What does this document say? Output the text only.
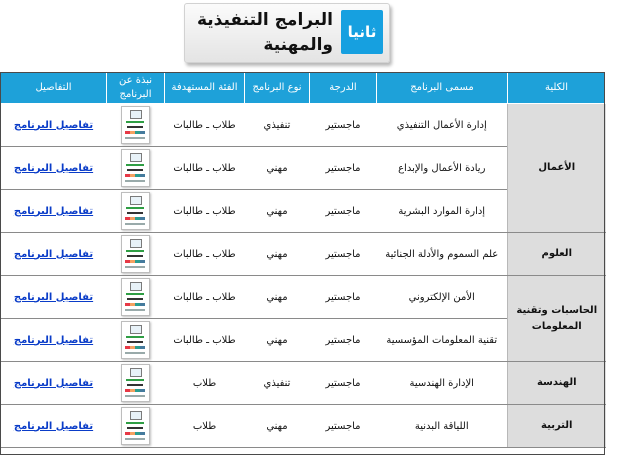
ثانيا
البرامج التنفيذية
والمهنية
الكلية	مسمى البرنامج	الدرجة	نوع البرنامج	الفئة المستهدفة	نبذة عن البرنامج	التفاصيل
الأعمال	إدارة الأعمال التنفيذي	ماجستير	تنفيذي	طلاب ـ طالبات		تفاصيل البرنامج
	ريادة الأعمال والإبداع	ماجستير	مهني	طلاب ـ طالبات		تفاصيل البرنامج
	إدارة الموارد البشرية	ماجستير	مهني	طلاب ـ طالبات		تفاصيل البرنامج
العلوم	علم السموم والأدلة الجنائية	ماجستير	مهني	طلاب ـ طالبات		تفاصيل البرنامج
الحاسبات وتقنية المعلومات	الأمن الإلكتروني	ماجستير	مهني	طلاب ـ طالبات		تفاصيل البرنامج
	تقنية المعلومات المؤسسية	ماجستير	مهني	طلاب ـ طالبات		تفاصيل البرنامج
الهندسة	الإدارة الهندسية	ماجستير	تنفيذي	طلاب		تفاصيل البرنامج
التربية	اللياقة البدنية	ماجستير	مهني	طلاب		تفاصيل البرنامج
